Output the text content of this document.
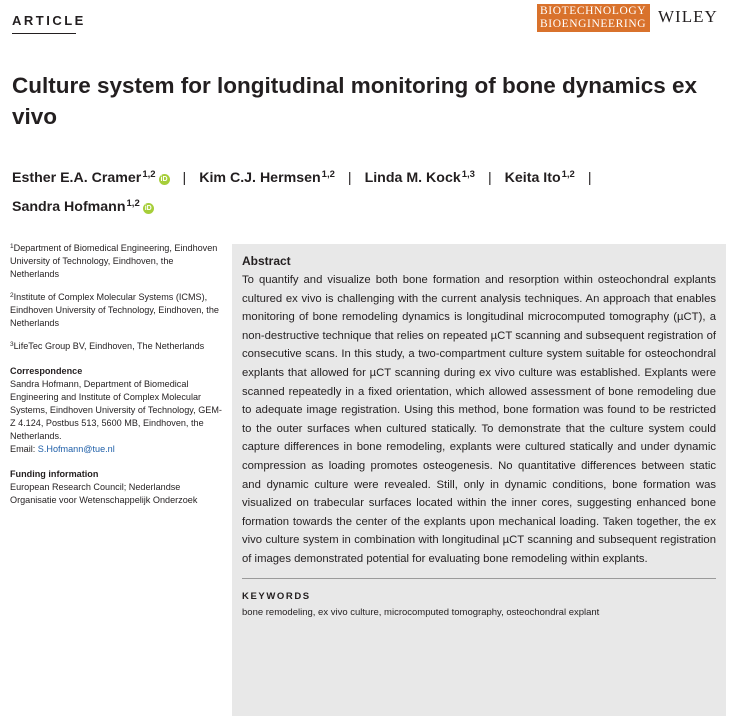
ARTICLE
BIOTECHNOLOGY
BIOENGINEERING WILEY
Culture system for longitudinal monitoring of bone dynamics ex vivo
Esther E.A. Cramer$^{1,2}$ iD | Kim C.J. Hermsen$^{1,2}$ | Linda M. Kock$^{1,3}$ | Keita Ito$^{1,2}$ |
Sandra Hofmann$^{1,2}$ iD
$^1$Department of Biomedical Engineering, Eindhoven University of Technology, Eindhoven, the Netherlands
$^2$Institute of Complex Molecular Systems (ICMS), Eindhoven University of Technology, Eindhoven, the Netherlands
$^3$LifeTec Group BV, Eindhoven, The Netherlands
Correspondence
Sandra Hofmann, Department of Biomedical Engineering and Institute of Complex Molecular Systems, Eindhoven University of Technology, GEM-Z 4.124, Postbus 513, 5600 MB, Eindhoven, the Netherlands.
Email: S.Hofmann@tue.nl
Funding information
European Research Council; Nederlandse Organisatie voor Wetenschappelijk Onderzoek
Abstract

To quantify and visualize both bone formation and resorption within osteochondral explants cultured ex vivo is challenging with the current analysis techniques. An approach that enables monitoring of bone remodeling dynamics is longitudinal microcomputed tomography (µCT), a non-destructive technique that relies on repeated µCT scanning and subsequent registration of consecutive scans. In this study, a two-compartment culture system suitable for osteochondral explants that allowed for µCT scanning during ex vivo culture was established. Explants were scanned repeatedly in a fixed orientation, which allowed assessment of bone remodeling due to adequate image registration. Using this method, bone formation was found to be restricted to the outer surfaces when cultured statically. To demonstrate that the culture system could capture differences in bone remodeling, explants were cultured statically and under dynamic compression as loading promotes osteogenesis. No quantitative differences between static and dynamic culture were revealed. Still, only in dynamic conditions, bone formation was visualized on trabecular surfaces located within the inner cores, suggesting enhanced bone formation towards the center of the explants upon mechanical loading. Taken together, the ex vivo culture system in combination with longitudinal µCT scanning and subsequent registration of images demonstrated potential for evaluating bone remodeling within explants.

KEYWORDS
bone remodeling, ex vivo culture, microcomputed tomography, osteochondral explant
